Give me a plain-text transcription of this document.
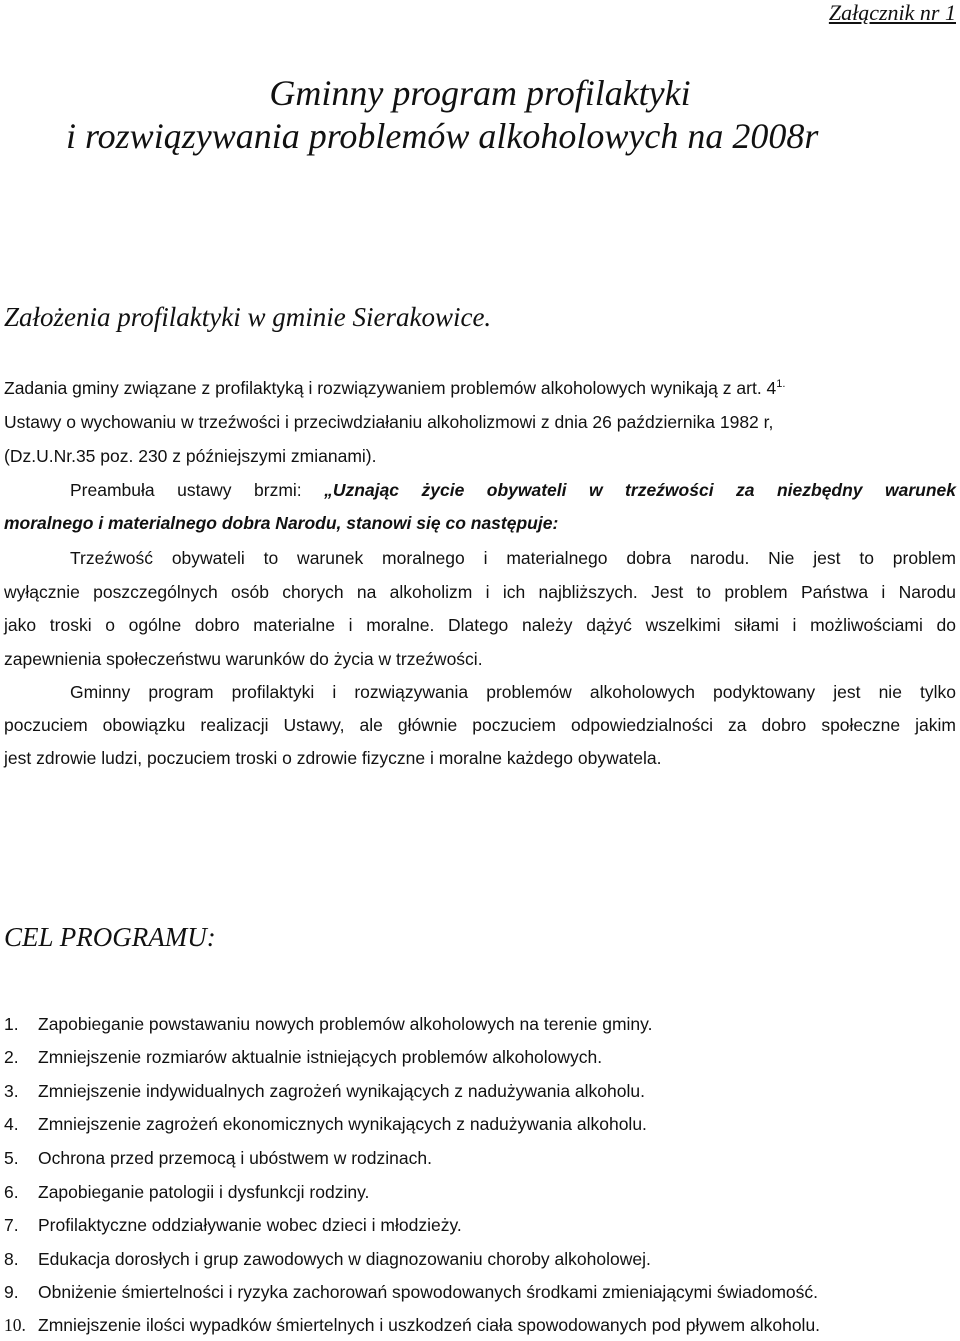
Załącznik nr 1
Gminny program profilaktyki
i rozwiązywania problemów alkoholowych na 2008r
Założenia profilaktyki w gminie Sierakowice.
Zadania gminy związane z profilaktyką i rozwiązywaniem problemów alkoholowych wynikają z art. $4^{1.}$
Ustawy o wychowaniu w trzeźwości i przeciwdziałaniu alkoholizmowi z dnia 26 października 1982 r,
(Dz.U.Nr.35 poz. 230 z późniejszymi zmianami).
Preambuła ustawy brzmi: „Uznając życie obywateli w trzeźwości za niezbędny warunek
moralnego i materialnego dobra Narodu, stanowi się co następuje:
Trzeźwość obywateli to warunek moralnego i materialnego dobra narodu. Nie jest to problem
wyłącznie poszczególnych osób chorych na alkoholizm i ich najbliższych. Jest to problem Państwa i Narodu
jako troski o ogólne dobro materialne i moralne. Dlatego należy dążyć wszelkimi siłami i możliwościami do
zapewnienia społeczeństwu warunków do życia w trzeźwości.
Gminny program profilaktyki i rozwiązywania problemów alkoholowych podyktowany jest nie tylko
poczuciem obowiązku realizacji Ustawy, ale głównie poczuciem odpowiedzialności za dobro społeczne jakim
jest zdrowie ludzi, poczuciem troski o zdrowie fizyczne i moralne każdego obywatela.
CEL PROGRAMU:
1. Zapobieganie powstawaniu nowych problemów alkoholowych na terenie gminy.
2. Zmniejszenie rozmiarów aktualnie istniejących problemów alkoholowych.
3. Zmniejszenie indywidualnych zagrożeń wynikających z nadużywania alkoholu.
4. Zmniejszenie zagrożeń ekonomicznych wynikających z nadużywania alkoholu.
5. Ochrona przed przemocą i ubóstwem w rodzinach.
6. Zapobieganie patologii i dysfunkcji rodziny.
7. Profilaktyczne oddziaływanie wobec dzieci i młodzieży.
8. Edukacja dorosłych i grup zawodowych w diagnozowaniu choroby alkoholowej.
9. Obniżenie śmiertelności i ryzyka zachorowań spowodowanych środkami zmieniającymi świadomość.
10. Zmniejszenie ilości wypadków śmiertelnych i uszkodzeń ciała spowodowanych pod pływem alkoholu.
